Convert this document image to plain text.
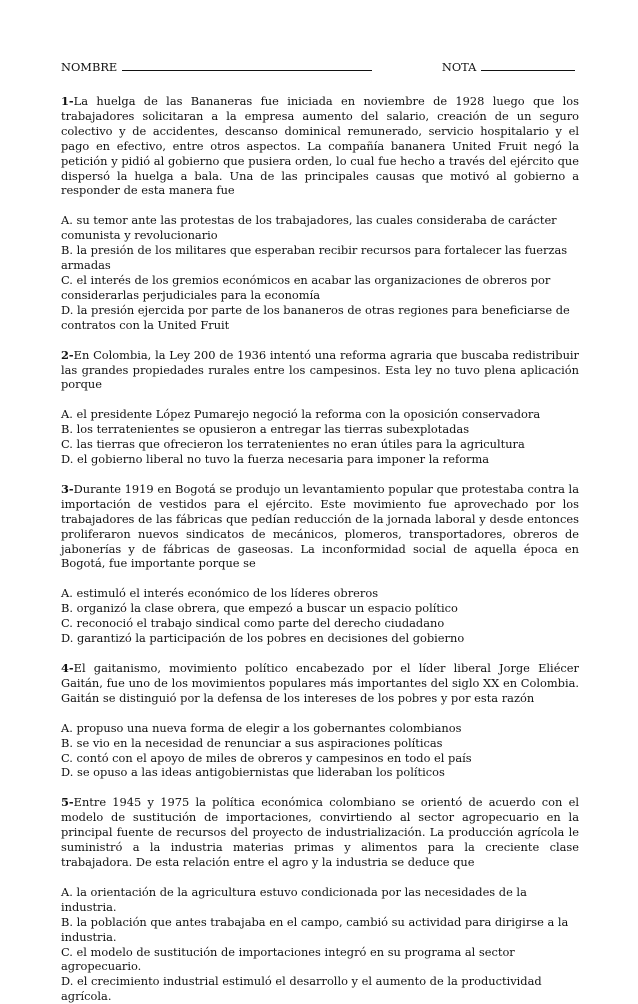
NOMBRE	NOTA

1-La huelga de las Bananeras fue iniciada en noviembre de 1928 luego que los trabajadores solicitaran a la empresa aumento del salario, creación de un seguro colectivo y de accidentes, descanso dominical remunerado, servicio hospitalario y el pago en efectivo, entre otros aspectos. La compañía bananera United Fruit negó la petición y pidió al gobierno que pusiera orden, lo cual fue hecho a través del ejército que dispersó la huelga a bala. Una de las principales causas que motivó al gobierno a responder de esta manera fue

A. su temor ante las protestas de los trabajadores, las cuales consideraba de carácter comunista y revolucionario
B. la presión de los militares que esperaban recibir recursos para fortalecer las fuerzas armadas
C. el interés de los gremios económicos en acabar las organizaciones de obreros por considerarlas perjudiciales para la economía
D. la presión ejercida por parte de los bananeros de otras regiones para beneficiarse de contratos con la United Fruit

2-En Colombia, la Ley 200 de 1936 intentó una reforma agraria que buscaba redistribuir las grandes propiedades rurales entre los campesinos. Esta ley no tuvo plena aplicación porque

A. el presidente López Pumarejo negoció la reforma con la oposición conservadora
B. los terratenientes se opusieron a entregar las tierras subexplotadas
C. las tierras que ofrecieron los terratenientes no eran útiles para la agricultura
D. el gobierno liberal no tuvo la fuerza necesaria para imponer la reforma

3-Durante 1919 en Bogotá se produjo un levantamiento popular que protestaba contra la importación de vestidos para el ejército. Este movimiento fue aprovechado por los trabajadores de las fábricas que pedían reducción de la jornada laboral y desde entonces proliferaron nuevos sindicatos de mecánicos, plomeros, transportadores, obreros de jabonerías y de fábricas de gaseosas. La inconformidad social de aquella época en Bogotá, fue importante porque se

A. estimuló el interés económico de los líderes obreros
B. organizó la clase obrera, que empezó a buscar un espacio político
C. reconoció el trabajo sindical como parte del derecho ciudadano
D. garantizó la participación de los pobres en decisiones del gobierno

4-El gaitanismo, movimiento político encabezado por el líder liberal Jorge Eliécer Gaitán, fue uno de los movimientos populares más importantes del siglo XX en Colombia. Gaitán se distinguió por la defensa de los intereses de los pobres y por esta razón

A. propuso una nueva forma de elegir a los gobernantes colombianos
B. se vio en la necesidad de renunciar a sus aspiraciones políticas
C. contó con el apoyo de miles de obreros y campesinos en todo el país
D. se opuso a las ideas antigobiernistas que lideraban los políticos

5-Entre 1945 y 1975 la política económica colombiano se orientó de acuerdo con el modelo de sustitución de importaciones, convirtiendo al sector agropecuario en la principal fuente de recursos del proyecto de industrialización. La producción agrícola le suministró a la industria materias primas y alimentos para la creciente clase trabajadora. De esta relación entre el agro y la industria se deduce que

A. la orientación de la agricultura estuvo condicionada por las necesidades de la industria.
B. la población que antes trabajaba en el campo, cambió su actividad para dirigirse a la industria.
C. el modelo de sustitución de importaciones integró en su programa al sector agropecuario.
D. el crecimiento industrial estimuló el desarrollo y el aumento de la productividad agrícola.
